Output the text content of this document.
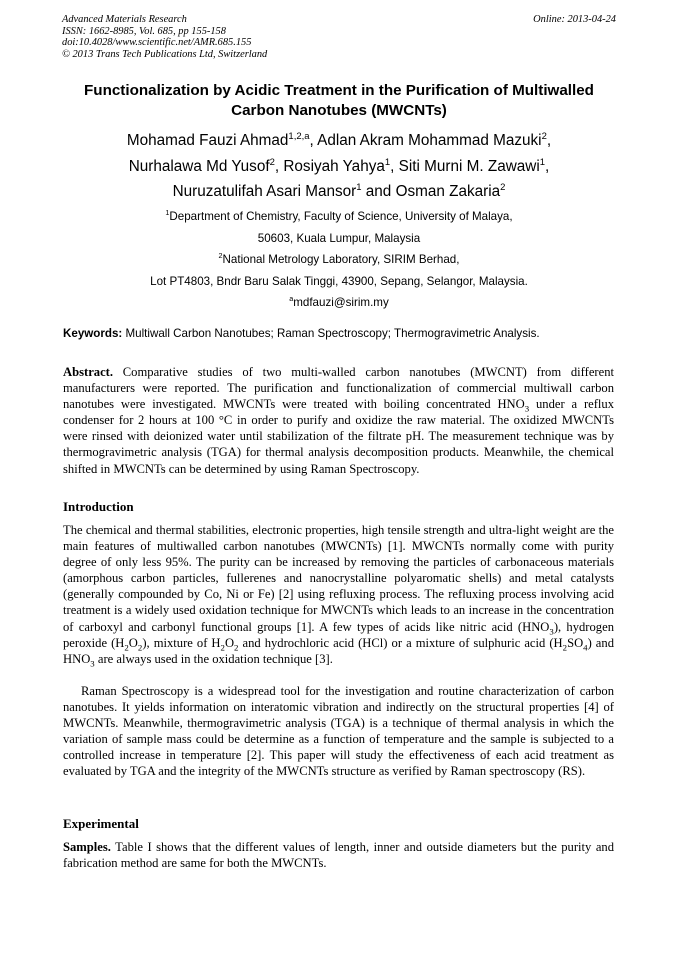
Advanced Materials Research
ISSN: 1662-8985, Vol. 685, pp 155-158
doi:10.4028/www.scientific.net/AMR.685.155
© 2013 Trans Tech Publications Ltd, Switzerland
Online: 2013-04-24
Functionalization by Acidic Treatment in the Purification of Multiwalled
Carbon Nanotubes (MWCNTs)
Mohamad Fauzi Ahmad$^{1,2,a}$, Adlan Akram Mohammad Mazuki$^2$,
Nurhalawa Md Yusof$^2$, Rosiyah Yahya$^1$, Siti Murni M. Zawawi$^1$,
Nuruzatulifah Asari Mansor$^1$ and Osman Zakaria$^2$
$^1$Department of Chemistry, Faculty of Science, University of Malaya,
50603, Kuala Lumpur, Malaysia
$^2$National Metrology Laboratory, SIRIM Berhad,
Lot PT4803, Bndr Baru Salak Tinggi, 43900, Sepang, Selangor, Malaysia.
$^a$mdfauzi@sirim.my
Keywords: Multiwall Carbon Nanotubes; Raman Spectroscopy; Thermogravimetric Analysis.
Abstract. Comparative studies of two multi-walled carbon nanotubes (MWCNT) from different manufacturers were reported. The purification and functionalization of commercial multiwall carbon nanotubes were investigated. MWCNTs were treated with boiling concentrated $HNO_3$ under a reflux condenser for 2 hours at 100 °C in order to purify and oxidize the raw material. The oxidized MWCNTs were rinsed with deionized water until stabilization of the filtrate pH. The measurement technique was by thermogravimetric analysis (TGA) for thermal analysis decomposition products. Meanwhile, the chemical shifted in MWCNTs can be determined by using Raman Spectroscopy.
Introduction
The chemical and thermal stabilities, electronic properties, high tensile strength and ultra-light weight are the main features of multiwalled carbon nanotubes (MWCNTs) [1]. MWCNTs normally come with purity degree of only less 95%. The purity can be increased by removing the particles of carbonaceous materials (amorphous carbon particles, fullerenes and nanocrystalline polyaromatic shells) and metal catalysts (generally compounded by Co, Ni or Fe) [2] using refluxing process. The refluxing process involving acid treatment is a widely used oxidation technique for MWCNTs which leads to an increase in the concentration of carboxyl and carbonyl functional groups [1]. A few types of acids like nitric acid $(HNO_3)$, hydrogen peroxide $(H_2O_2)$, mixture of $H_2O_2$ and hydrochloric acid (HCl) or a mixture of sulphuric acid $(H_2SO_4)$ and $HNO_3$ are always used in the oxidation technique [3].
Raman Spectroscopy is a widespread tool for the investigation and routine characterization of carbon nanotubes. It yields information on interatomic vibration and indirectly on the structural properties [4] of MWCNTs. Meanwhile, thermogravimetric analysis (TGA) is a technique of thermal analysis in which the variation of sample mass could be determine as a function of temperature and the sample is subjected to a controlled increase in temperature [2]. This paper will study the effectiveness of each acid treatment as evaluated by TGA and the integrity of the MWCNTs structure as verified by Raman spectroscopy (RS).
Experimental
Samples. Table I shows that the different values of length, inner and outside diameters but the purity and fabrication method are same for both the MWCNTs.
